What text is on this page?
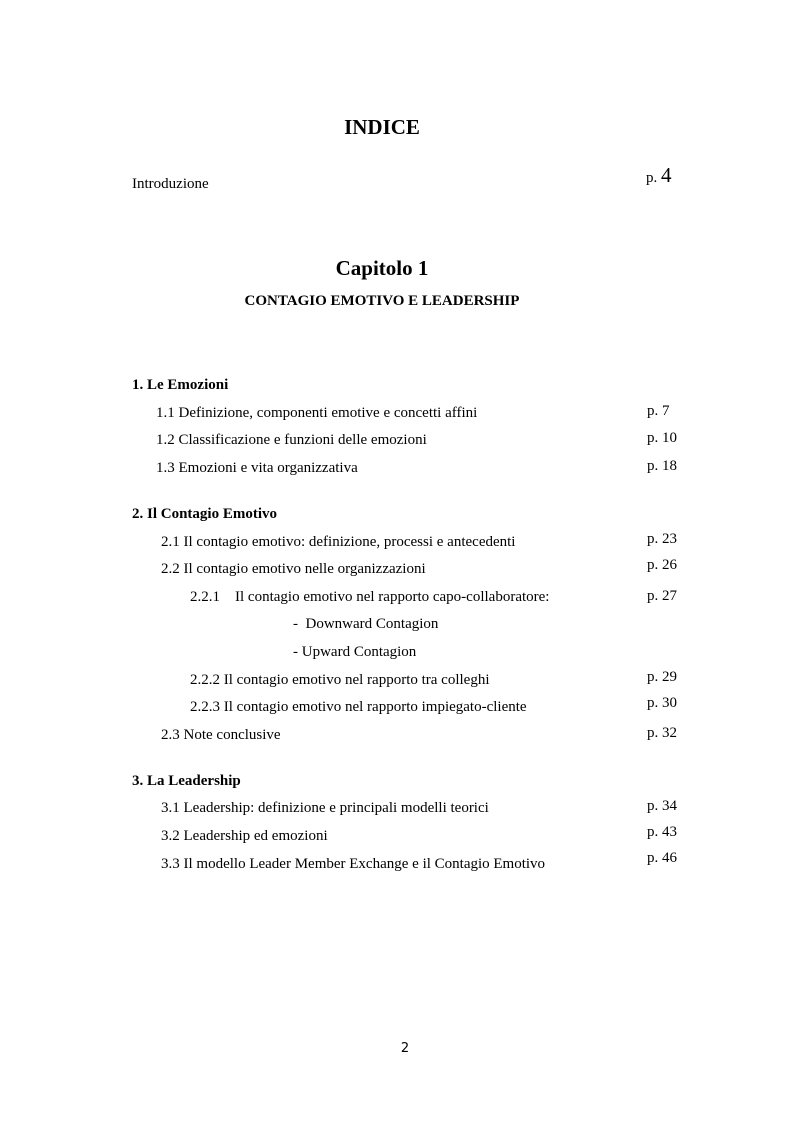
INDICE
Introduzione	p. 4
Capitolo 1
CONTAGIO EMOTIVO E LEADERSHIP
1. Le Emozioni
1.1 Definizione, componenti emotive e concetti affini	p. 7
1.2 Classificazione e funzioni delle emozioni	p. 10
1.3 Emozioni e vita organizzativa	p. 18
2. Il Contagio Emotivo
2.1 Il contagio emotivo: definizione, processi e antecedenti	p. 23
2.2 Il contagio emotivo nelle organizzazioni	p. 26
2.2.1    Il contagio emotivo nel rapporto capo-collaboratore:	p. 27
-  Downward Contagion
- Upward Contagion
2.2.2 Il contagio emotivo nel rapporto tra colleghi	p. 29
2.2.3 Il contagio emotivo nel rapporto impiegato-cliente	p. 30
2.3 Note conclusive	p. 32
3. La Leadership
3.1 Leadership: definizione e principali modelli teorici	p. 34
3.2 Leadership ed emozioni	p. 43
3.3 Il modello Leader Member Exchange e il Contagio Emotivo	p. 46
2
